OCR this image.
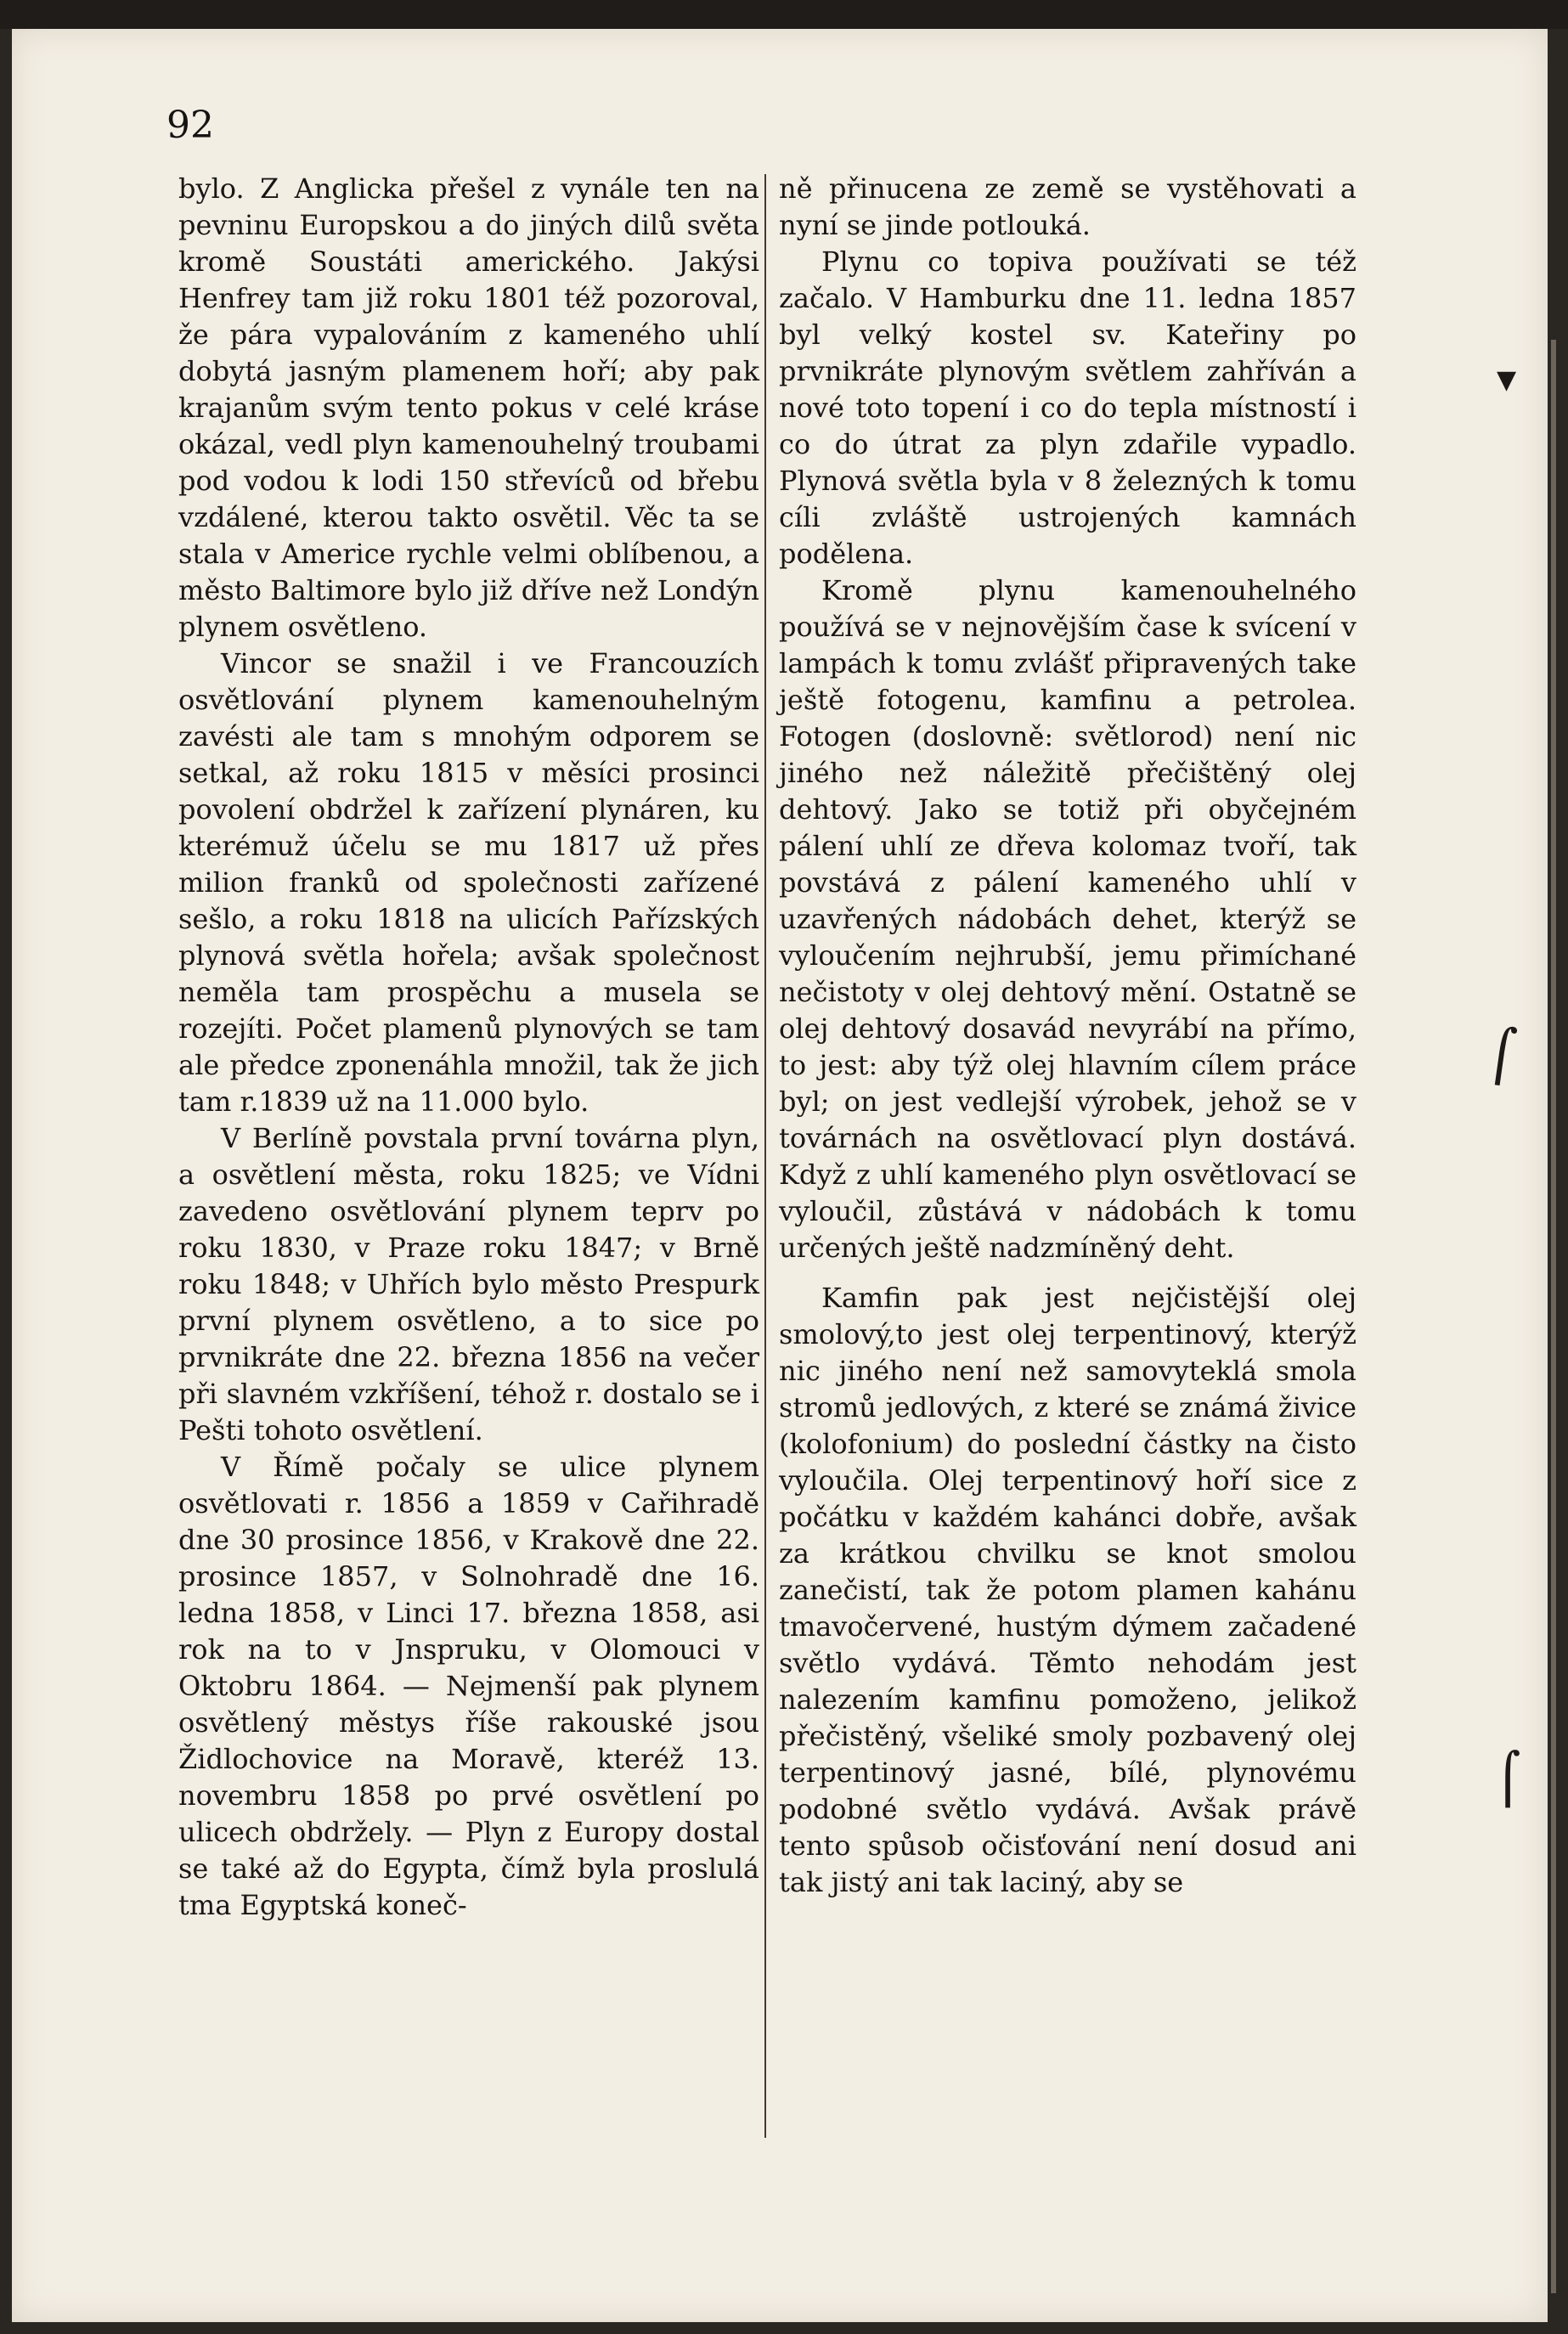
92

bylo. Z Anglicka přešel z vynále ten na pevninu Europskou a do jiných dilů světa kromě Soustáti amerického. Jakýsi Henfrey tam již roku 1801 též pozoroval, že pára vypalováním z kameného uhlí dobytá jasným plamenem hoří; aby pak krajanům svým tento pokus v celé kráse okázal, vedl plyn kamenouhelný troubami pod vodou k lodi 150 střevíců od břebu vzdálené, kterou takto osvětil. Věc ta se stala v Americe rychle velmi oblíbenou, a město Baltimore bylo již dříve než Londýn plynem osvětleno.

Vincor se snažil i ve Francouzích osvětlování plynem kamenouhelným zavésti ale tam s mnohým odporem se setkal, až roku 1815 v měsíci prosinci povolení obdržel k zařízení plynáren, ku kterémuž účelu se mu 1817 už přes milion franků od společnosti zařízené sešlo, a roku 1818 na ulicích Pařízských plynová světla hořela; avšak společnost neměla tam prospěchu a musela se rozejíti. Počet plamenů plynových se tam ale předce zponenáhla množil, tak že jich tam r.1839 už na 11.000 bylo.

V Berlíně povstala první továrna plyn, a osvětlení města, roku 1825; ve Vídni zavedeno osvětlování plynem teprv po roku 1830, v Praze roku 1847; v Brně roku 1848; v Uhřích bylo město Prespurk první plynem osvětleno, a to sice po prvnikráte dne 22. března 1856 na večer při slavném vzkříšení, téhož r. dostalo se i Pešti tohoto osvětlení.

V Římě počaly se ulice plynem osvětlovati r. 1856 a 1859 v Cařihradě dne 30 prosince 1856, v Krakově dne 22. prosince 1857, v Solnohradě dne 16. ledna 1858, v Linci 17. března 1858, asi rok na to v Jnspruku, v Olomouci v Oktobru 1864. — Nejmenší pak plynem osvětlený městys říše rakouské jsou Židlochovice na Moravě, kteréž 13. novembru 1858 po prvé osvětlení po ulicech obdržely. — Plyn z Europy dostal se také až do Egypta, čímž byla proslulá tma Egyptská koneč-

ně přinucena ze země se vystěhovati a nyní se jinde potlouká.

Plynu co topiva používati se též začalo. V Hamburku dne 11. ledna 1857 byl velký kostel sv. Kateřiny po prvnikráte plynovým světlem zahříván a nové toto topení i co do tepla místností i co do útrat za plyn zdařile vypadlo. Plynová světla byla v 8 železných k tomu cíli zvláště ustrojených kamnách podělena.

Kromě plynu kamenouhelného používá se v nejnovějším čase k svícení v lampách k tomu zvlášť připravených take ještě fotogenu, kamfinu a petrolea. Fotogen (doslovně: světlorod) není nic jiného než náležitě přečištěný olej dehtový. Jako se totiž při obyčejném pálení uhlí ze dřeva kolomaz tvoří, tak povstává z pálení kameného uhlí v uzavřených nádobách dehet, kterýž se vyloučením nejhrubší, jemu přimíchané nečistoty v olej dehtový mění. Ostatně se olej dehtový dosavád nevyrábí na přímo, to jest: aby týž olej hlavním cílem práce byl; on jest vedlejší výrobek, jehož se v továrnách na osvětlovací plyn dostává. Když z uhlí kameného plyn osvětlovací se vyloučil, zůstává v nádobách k tomu určených ještě nadzmíněný deht.

Kamfin pak jest nejčistější olej smolový,to jest olej terpentinový, kterýž nic jiného není než samovyteklá smola stromů jedlových, z které se známá živice (kolofonium) do poslední částky na čisto vyloučila. Olej terpentinový hoří sice z počátku v každém kahánci dobře, avšak za krátkou chvilku se knot smolou zanečistí, tak že potom plamen kahánu tmavočervené, hustým dýmem začadené světlo vydává. Těmto nehodám jest nalezením kamfinu pomoženo, jelikož přečistěný, všeliké smoly pozbavený olej terpentinový jasné, bílé, plynovému podobné světlo vydává. Avšak právě tento spůsob očisťování není dosud ani tak jistý ani tak laciný, aby se

▼
⌠
⌠
